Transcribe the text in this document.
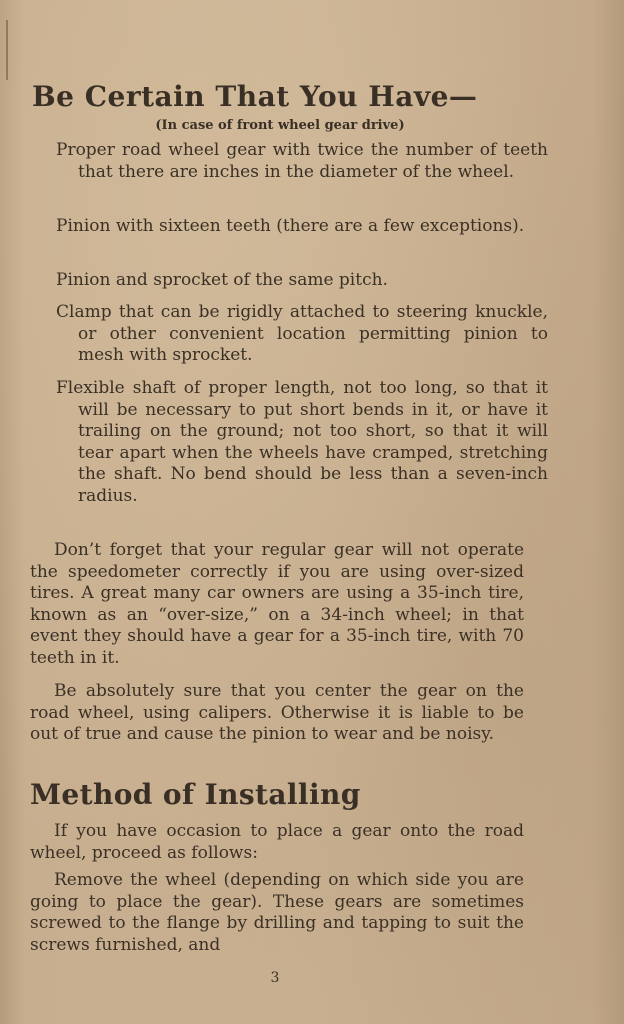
Be Certain That You Have—
(In case of front wheel gear drive)
Proper road wheel gear with twice the number of teeth that there are inches in the diameter of the wheel.
Pinion with sixteen teeth (there are a few exceptions).
Pinion and sprocket of the same pitch.
Clamp that can be rigidly attached to steering knuckle, or other convenient location permitting pinion to mesh with sprocket.
Flexible shaft of proper length, not too long, so that it will be necessary to put short bends in it, or have it trailing on the ground; not too short, so that it will tear apart when the wheels have cramped, stretching the shaft. No bend should be less than a seven-inch radius.
Don’t forget that your regular gear will not operate the speedometer correctly if you are using over-sized tires. A great many car owners are using a 35-inch tire, known as an “over-size,” on a 34-inch wheel; in that event they should have a gear for a 35-inch tire, with 70 teeth in it.
Be absolutely sure that you center the gear on the road wheel, using calipers. Otherwise it is liable to be out of true and cause the pinion to wear and be noisy.
Method of Installing
If you have occasion to place a gear onto the road wheel, proceed as follows:
Remove the wheel (depending on which side you are going to place the gear). These gears are sometimes screwed to the flange by drilling and tapping to suit the screws furnished, and
3
